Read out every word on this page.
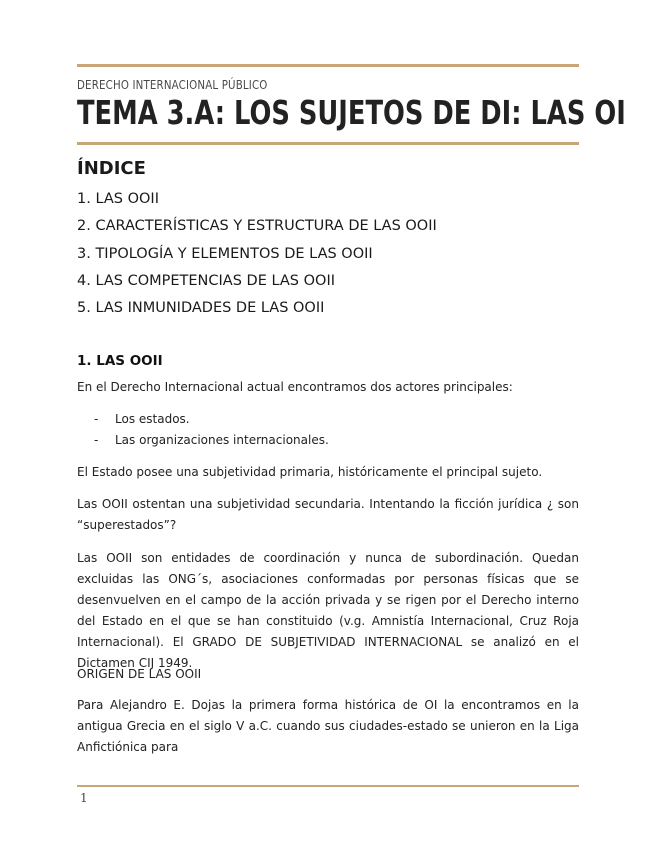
DERECHO INTERNACIONAL PÚBLICO
TEMA 3.A: LOS SUJETOS DE DI: LAS OI
ÍNDICE
1. LAS OOII
2. CARACTERÍSTICAS Y ESTRUCTURA DE LAS OOII
3. TIPOLOGÍA Y ELEMENTOS DE LAS OOII
4. LAS COMPETENCIAS DE LAS OOII
5. LAS INMUNIDADES DE LAS OOII
1. LAS OOII

En el Derecho Internacional actual encontramos dos actores principales:

- Los estados.
- Las organizaciones internacionales.

El Estado posee una subjetividad primaria, históricamente el principal sujeto.

Las OOII ostentan una subjetividad secundaria. Intentando la ficción jurídica ¿ son “superestados”?

Las OOII son entidades de coordinación y nunca de subordinación. Quedan excluidas las ONG´s, asociaciones conformadas por personas físicas que se desenvuelven en el campo de la acción privada y se rigen por el Derecho interno del Estado en el que se han constituido (v.g. Amnistía Internacional, Cruz Roja Internacional). El GRADO DE SUBJETIVIDAD INTERNACIONAL se analizó en el Dictamen CIJ 1949.

ORIGEN DE LAS OOII

Para Alejandro E. Dojas la primera forma histórica de OI la encontramos en la antigua Grecia en el siglo V a.C. cuando sus ciudades-estado se unieron en la Liga Anfictiónica para

1
